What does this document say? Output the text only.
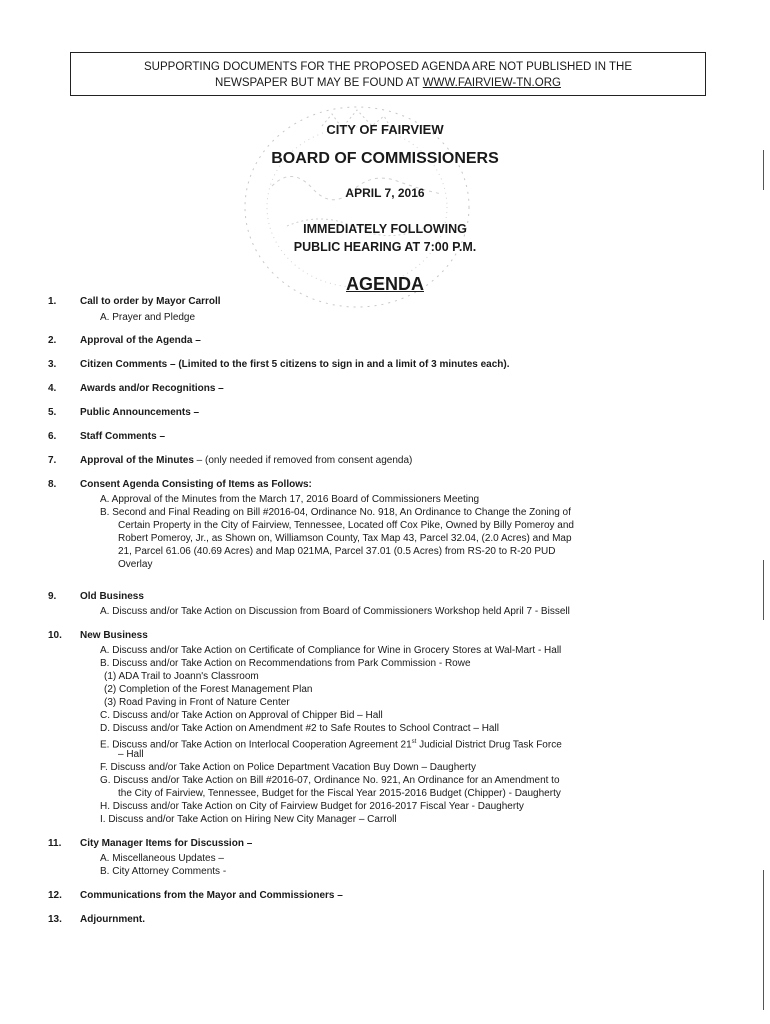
SUPPORTING DOCUMENTS FOR THE PROPOSED AGENDA ARE NOT PUBLISHED IN THE
NEWSPAPER BUT MAY BE FOUND AT WWW.FAIRVIEW-TN.ORG
CITY OF FAIRVIEW
BOARD OF COMMISSIONERS
APRIL 7, 2016
IMMEDIATELY FOLLOWING
PUBLIC HEARING AT 7:00 P.M.
AGENDA
1. Call to order by Mayor Carroll
A. Prayer and Pledge
2. Approval of the Agenda –
3. Citizen Comments – (Limited to the first 5 citizens to sign in and a limit of 3 minutes each).
4. Awards and/or Recognitions –
5. Public Announcements –
6. Staff Comments –
7. Approval of the Minutes – (only needed if removed from consent agenda)
8. Consent Agenda Consisting of Items as Follows:
A. Approval of the Minutes from the March 17, 2016 Board of Commissioners Meeting
B. Second and Final Reading on Bill #2016-04, Ordinance No. 918, An Ordinance to Change the Zoning of
Certain Property in the City of Fairview, Tennessee, Located off Cox Pike, Owned by Billy Pomeroy and
Robert Pomeroy, Jr., as Shown on, Williamson County, Tax Map 43, Parcel 32.04, (2.0 Acres) and Map
21, Parcel 61.06 (40.69 Acres) and Map 021MA, Parcel 37.01 (0.5 Acres) from RS-20 to R-20 PUD
Overlay
9. Old Business
A. Discuss and/or Take Action on Discussion from Board of Commissioners Workshop held April 7 - Bissell
10. New Business
A. Discuss and/or Take Action on Certificate of Compliance for Wine in Grocery Stores at Wal-Mart - Hall
B. Discuss and/or Take Action on Recommendations from Park Commission - Rowe
(1) ADA Trail to Joann's Classroom
(2) Completion of the Forest Management Plan
(3) Road Paving in Front of Nature Center
C. Discuss and/or Take Action on Approval of Chipper Bid – Hall
D. Discuss and/or Take Action on Amendment #2 to Safe Routes to School Contract – Hall
E. Discuss and/or Take Action on Interlocal Cooperation Agreement 21st Judicial District Drug Task Force
– Hall
F. Discuss and/or Take Action on Police Department Vacation Buy Down – Daugherty
G. Discuss and/or Take Action on Bill #2016-07, Ordinance No. 921, An Ordinance for an Amendment to
the City of Fairview, Tennessee, Budget for the Fiscal Year 2015-2016 Budget (Chipper) - Daugherty
H. Discuss and/or Take Action on City of Fairview Budget for 2016-2017 Fiscal Year - Daugherty
I. Discuss and/or Take Action on Hiring New City Manager – Carroll
11. City Manager Items for Discussion –
A. Miscellaneous Updates –
B. City Attorney Comments -
12. Communications from the Mayor and Commissioners –
13. Adjournment.
